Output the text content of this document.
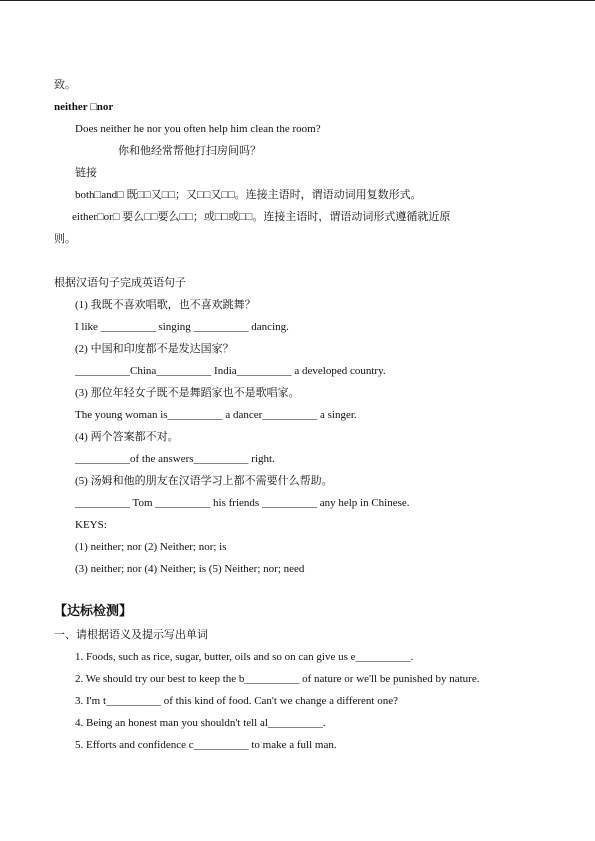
致。
neither □nor
Does neither he nor you often help him clean the room?
你和他经常帮他打扫房间吗？
链接
both□and□ 既□□又□□；又□□又□□。连接主语时，谓语动词用复数形式。
either□or□ 要么□□要么□□；或□□或□□。连接主语时，谓语动词形式遵循就近原
则。
根据汉语句子完成英语句子
(1) 我既不喜欢唱歌，也不喜欢跳舞？
I like __________ singing __________ dancing.
(2) 中国和印度都不是发达国家？
__________China__________ India__________ a developed country.
(3) 那位年轻女子既不是舞蹈家也不是歌唱家。
The young woman is__________ a dancer__________ a singer.
(4) 两个答案都不对。
__________of the answers__________ right.
(5) 汤姆和他的朋友在汉语学习上都不需要什么帮助。
__________ Tom __________ his friends __________ any help in Chinese.
KEYS:
(1) neither; nor (2) Neither; nor; is
(3) neither; nor (4) Neither; is (5) Neither; nor; need
【达标检测】
一、请根据语义及提示写出单词
1. Foods, such as rice, sugar, butter, oils and so on can give us e__________.
2. We should try our best to keep the b__________ of nature or we'll be punished by nature.
3. I'm t__________ of this kind of food. Can't we change a different one?
4. Being an honest man you shouldn't tell al__________.
5. Efforts and confidence c__________ to make a full man.
